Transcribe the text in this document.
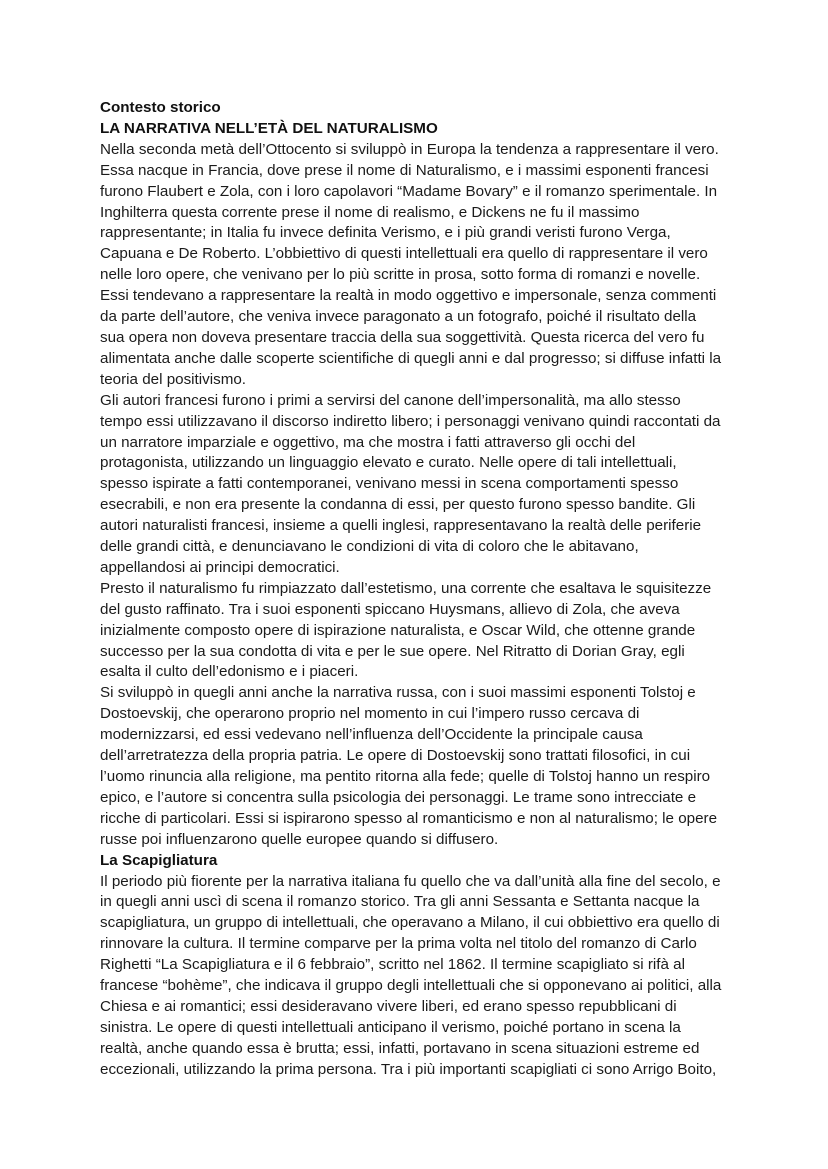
Contesto storico
LA NARRATIVA NELL’ETÀ DEL NATURALISMO
Nella seconda metà dell’Ottocento si sviluppò in Europa la tendenza a rappresentare il vero.
Essa nacque in Francia, dove prese il nome di Naturalismo, e i massimi esponenti francesi
furono Flaubert e Zola, con i loro capolavori “Madame Bovary” e il romanzo sperimentale. In
Inghilterra questa corrente prese il nome di realismo, e Dickens ne fu il massimo
rappresentante; in Italia fu invece definita Verismo, e i più grandi veristi furono Verga,
Capuana e De Roberto. L’obbiettivo di questi intellettuali era quello di rappresentare il vero
nelle loro opere, che venivano per lo più scritte in prosa, sotto forma di romanzi e novelle.
Essi tendevano a rappresentare la realtà in modo oggettivo e impersonale, senza commenti
da parte dell’autore, che veniva invece paragonato a un fotografo, poiché il risultato della
sua opera non doveva presentare traccia della sua soggettività. Questa ricerca del vero fu
alimentata anche dalle scoperte scientifiche di quegli anni e dal progresso; si diffuse infatti la
teoria del positivismo.
Gli autori francesi furono i primi a servirsi del canone dell’impersonalità, ma allo stesso
tempo essi utilizzavano il discorso indiretto libero; i personaggi venivano quindi raccontati da
un narratore imparziale e oggettivo, ma che mostra i fatti attraverso gli occhi del
protagonista, utilizzando un linguaggio elevato e curato. Nelle opere di tali intellettuali,
spesso ispirate a fatti contemporanei, venivano messi in scena comportamenti spesso
esecrabili, e non era presente la condanna di essi, per questo furono spesso bandite. Gli
autori naturalisti francesi, insieme a quelli inglesi, rappresentavano la realtà delle periferie
delle grandi città, e denunciavano le condizioni di vita di coloro che le abitavano,
appellandosi ai principi democratici.
Presto il naturalismo fu rimpiazzato dall’estetismo, una corrente che esaltava le squisitezze
del gusto raffinato. Tra i suoi esponenti spiccano Huysmans, allievo di Zola, che aveva
inizialmente composto opere di ispirazione naturalista, e Oscar Wild, che ottenne grande
successo per la sua condotta di vita e per le sue opere. Nel Ritratto di Dorian Gray, egli
esalta il culto dell’edonismo e i piaceri.
Si sviluppò in quegli anni anche la narrativa russa, con i suoi massimi esponenti Tolstoj e
Dostoevskij, che operarono proprio nel momento in cui l’impero russo cercava di
modernizzarsi, ed essi vedevano nell’influenza dell’Occidente la principale causa
dell’arretratezza della propria patria. Le opere di Dostoevskij sono trattati filosofici, in cui
l’uomo rinuncia alla religione, ma pentito ritorna alla fede; quelle di Tolstoj hanno un respiro
epico, e l’autore si concentra sulla psicologia dei personaggi. Le trame sono intrecciate e
ricche di particolari. Essi si ispirarono spesso al romanticismo e non al naturalismo; le opere
russe poi influenzarono quelle europee quando si diffusero.
La Scapigliatura
Il periodo più fiorente per la narrativa italiana fu quello che va dall’unità alla fine del secolo, e
in quegli anni uscì di scena il romanzo storico. Tra gli anni Sessanta e Settanta nacque la
scapigliatura, un gruppo di intellettuali, che operavano a Milano, il cui obbiettivo era quello di
rinnovare la cultura. Il termine comparve per la prima volta nel titolo del romanzo di Carlo
Righetti “La Scapigliatura e il 6 febbraio”, scritto nel 1862. Il termine scapigliato si rifà al
francese “bohème”, che indicava il gruppo degli intellettuali che si opponevano ai politici, alla
Chiesa e ai romantici; essi desideravano vivere liberi, ed erano spesso repubblicani di
sinistra. Le opere di questi intellettuali anticipano il verismo, poiché portano in scena la
realtà, anche quando essa è brutta; essi, infatti, portavano in scena situazioni estreme ed
eccezionali, utilizzando la prima persona. Tra i più importanti scapigliati ci sono Arrigo Boito,
